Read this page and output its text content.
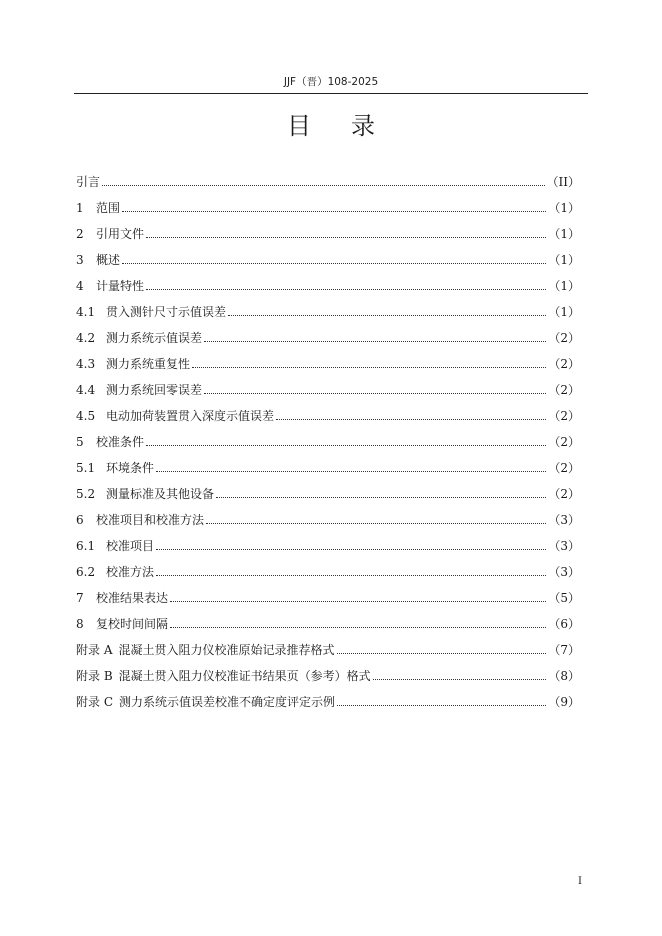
JJF（晋）108-2025
目 录
引言	（II）
1	范围	（1）
2	引用文件	（1）
3	概述	（1）
4	计量特性	（1）
4.1 贯入测针尺寸示值误差	（1）
4.2 测力系统示值误差	（2）
4.3 测力系统重复性	（2）
4.4 测力系统回零误差	（2）
4.5 电动加荷装置贯入深度示值误差	（2）
5	校准条件	（2）
5.1 环境条件	（2）
5.2 测量标准及其他设备	（2）
6	校准项目和校准方法	（3）
6.1 校准项目	（3）
6.2 校准方法	（3）
7	校准结果表达	（5）
8	复校时间间隔	（6）
附录 A 混凝土贯入阻力仪校准原始记录推荐格式	（7）
附录 B 混凝土贯入阻力仪校准证书结果页（参考）格式	（8）
附录 C 测力系统示值误差校准不确定度评定示例	（9）
I
